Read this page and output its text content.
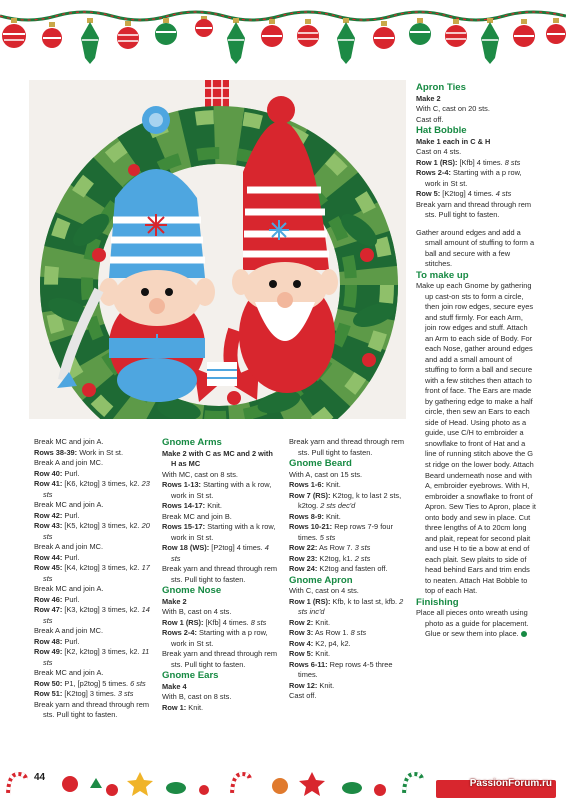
Break MC and join A.

Rows 38-39: Work in St st.

Break A and join MC.

Row 40: Purl.

Row 41: [K6, k2tog] 3 times, k2. 23 sts

Break MC and join A.

Row 42: Purl.

Row 43: [K5, k2tog] 3 times, k2. 20 sts

Break A and join MC.

Row 44: Purl.

Row 45: [K4, k2tog] 3 times, k2. 17 sts

Break MC and join A.

Row 46: Purl.

Row 47: [K3, k2tog] 3 times, k2. 14 sts

Break A and join MC.

Row 48: Purl.

Row 49: [K2, k2tog] 3 times, k2. 11 sts

Break MC and join A.

Row 50: P1, [p2tog] 5 times. 6 sts

Row 51: [K2tog] 3 times. 3 sts

Break yarn and thread through rem sts. Pull tight to fasten.

Gnome Arms

Make 2 with C as MC and 2 with H as MC

With MC, cast on 8 sts.

Rows 1-13: Starting with a k row, work in St st.

Rows 14-17: Knit.

Break MC and join B.

Rows 15-17: Starting with a k row, work in St st.

Row 18 (WS): [P2tog] 4 times. 4 sts

Break yarn and thread through rem sts. Pull tight to fasten.

Gnome Nose

Make 2

With B, cast on 4 sts.

Row 1 (RS): [Kfb] 4 times. 8 sts

Rows 2-4: Starting with a p row, work in St st.

Break yarn and thread through rem sts. Pull tight to fasten.

Gnome Ears

Make 4

With B, cast on 8 sts.

Row 1: Knit.

Break yarn and thread through rem sts. Pull tight to fasten.

Gnome Beard

With A, cast on 15 sts.

Rows 1-6: Knit.

Row 7 (RS): K2tog, k to last 2 sts, k2tog. 2 sts dec'd

Rows 8-9: Knit.

Rows 10-21: Rep rows 7-9 four times. 5 sts

Row 22: As Row 7. 3 sts

Row 23: K2tog, k1. 2 sts

Row 24: K2tog and fasten off.

Gnome Apron

With C, cast on 4 sts.

Row 1 (RS): Kfb, k to last st, kfb. 2 sts inc'd

Row 2: Knit.

Row 3: As Row 1. 8 sts

Row 4: K2, p4, k2.

Row 5: Knit.

Rows 6-11: Rep rows 4-5 three times.

Row 12: Knit.

Cast off.

Apron Ties

Make 2

With C, cast on 20 sts.

Cast off.

Hat Bobble

Make 1 each in C & H

Cast on 4 sts.

Row 1 (RS): [Kfb] 4 times. 8 sts

Rows 2-4: Starting with a p row, work in St st.

Row 5: [K2tog] 4 times. 4 sts

Break yarn and thread through rem sts. Pull tight to fasten.

Gather around edges and add a small amount of stuffing to form a ball and secure with a few stitches.

To make up

Make up each Gnome by gathering up cast-on sts to form a circle, then join row edges, secure eyes and stuff firmly. For each Arm, join row edges and stuff. Attach an Arm to each side of Body. For each Nose, gather around edges and add a small amount of stuffing to form a ball and secure with a few stitches then attach to front of face. The Ears are made by gathering edge to make a half circle, then sew an Ears to each side of Head. Using photo as a guide, use C/H to embroider a snowflake to front of Hat and a line of running stitch above the G st ridge on the lower body. Attach Beard underneath nose and with A, embroider eyebrows. With H, embroider a snowflake to front of Apron. Sew Ties to Apron, place it onto body and sew in place. Cut three lengths of A to 20cm long and plait, repeat for second plait and use H to tie a bow at end of each plait. Sew plaits to side of head behind Ears and trim ends to neaten. Attach Hat Bobble to top of each Hat.

Finishing

Place all pieces onto wreath using photo as a guide for placement. Glue or sew them into place.

44
PassionForum.ru
